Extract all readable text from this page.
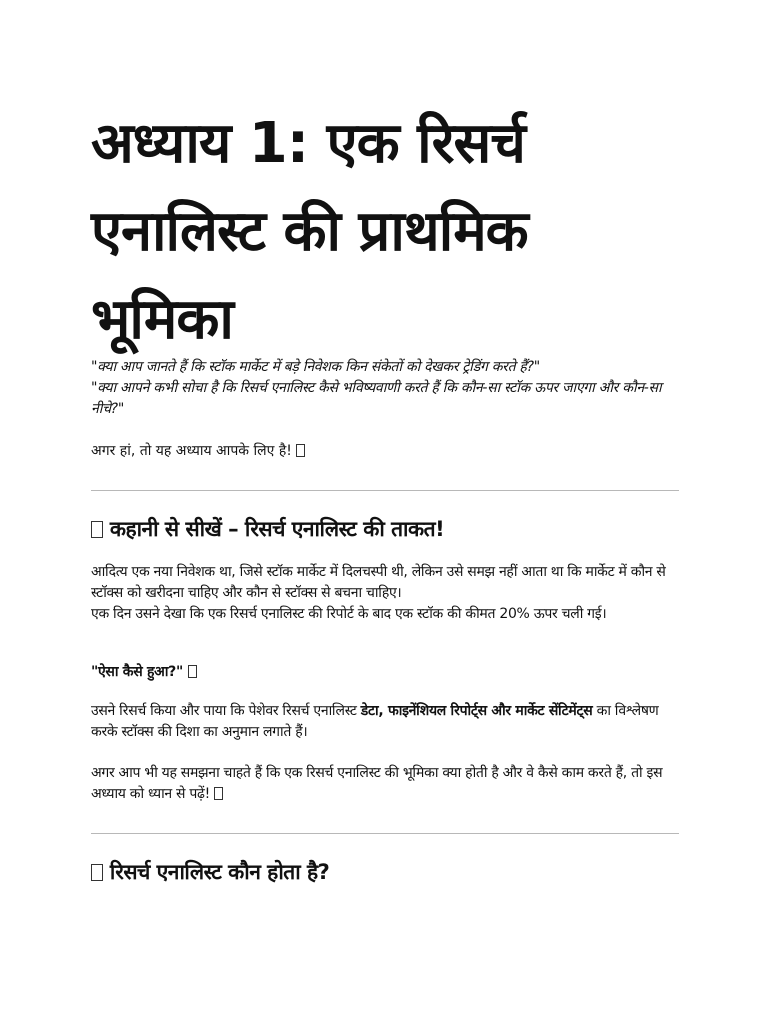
अध्याय 1: एक रिसर्च एनालिस्ट की प्राथमिक भूमिका
"क्या आप जानते हैं कि स्टॉक मार्केट में बड़े निवेशक किन संकेतों को देखकर ट्रेडिंग करते हैं?"
"क्या आपने कभी सोचा है कि रिसर्च एनालिस्ट कैसे भविष्यवाणी करते हैं कि कौन-सा स्टॉक ऊपर जाएगा और कौन-सा नीचे?"
अगर हां, तो यह अध्याय आपके लिए है!
कहानी से सीखें – रिसर्च एनालिस्ट की ताकत!
आदित्य एक नया निवेशक था, जिसे स्टॉक मार्केट में दिलचस्पी थी, लेकिन उसे समझ नहीं आता था कि मार्केट में कौन से स्टॉक्स को खरीदना चाहिए और कौन से स्टॉक्स से बचना चाहिए।
एक दिन उसने देखा कि एक रिसर्च एनालिस्ट की रिपोर्ट के बाद एक स्टॉक की कीमत 20% ऊपर चली गई।
"ऐसा कैसे हुआ?"
उसने रिसर्च किया और पाया कि पेशेवर रिसर्च एनालिस्ट डेटा, फाइनेंशियल रिपोर्ट्स और मार्केट सेंटिमेंट्स का विश्लेषण करके स्टॉक्स की दिशा का अनुमान लगाते हैं।
अगर आप भी यह समझना चाहते हैं कि एक रिसर्च एनालिस्ट की भूमिका क्या होती है और वे कैसे काम करते हैं, तो इस अध्याय को ध्यान से पढ़ें!
रिसर्च एनालिस्ट कौन होता है?
